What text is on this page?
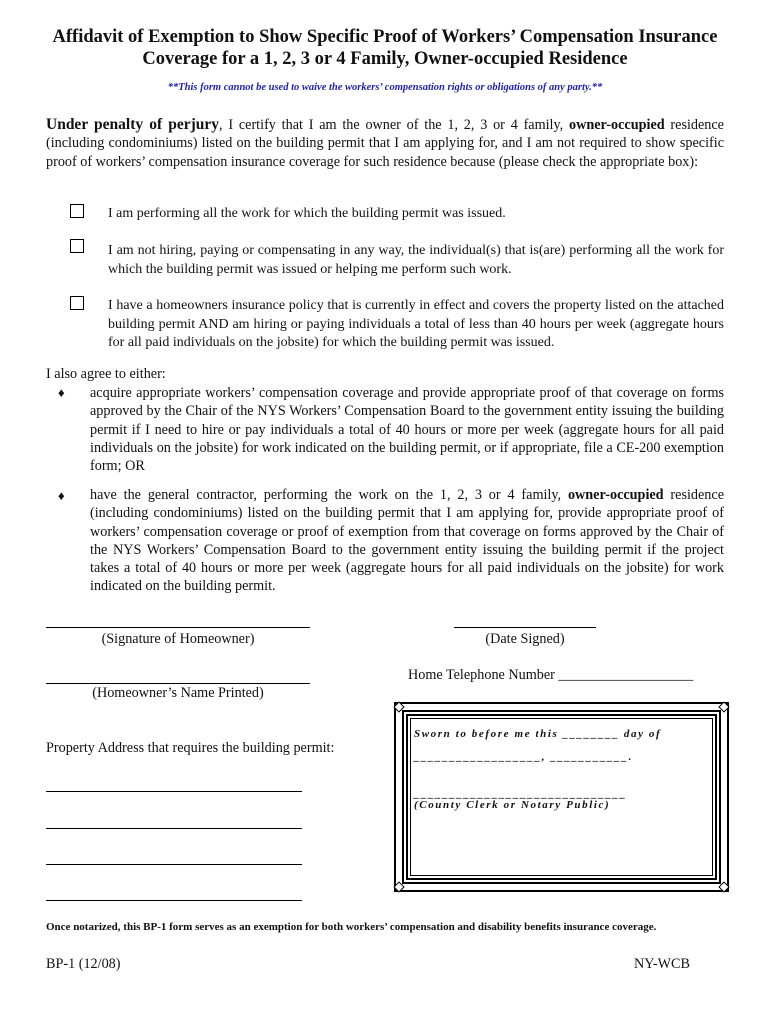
Affidavit of Exemption to Show Specific Proof of Workers’ Compensation Insurance
Coverage for a 1, 2, 3 or 4 Family, Owner-occupied Residence
**This form cannot be used to waive the workers’ compensation rights or obligations of any party.**
Under penalty of perjury, I certify that I am the owner of the 1, 2, 3 or 4 family, owner-occupied residence (including condominiums) listed on the building permit that I am applying for, and I am not required to show specific proof of workers’ compensation insurance coverage for such residence because (please check the appropriate box):
I am performing all the work for which the building permit was issued.
I am not hiring, paying or compensating in any way, the individual(s) that is(are) performing all the work for which the building permit was issued or helping me perform such work.
I have a homeowners insurance policy that is currently in effect and covers the property listed on the attached building permit AND am hiring or paying individuals a total of less than 40 hours per week (aggregate hours for all paid individuals on the jobsite) for which the building permit was issued.
I also agree to either:
♦ acquire appropriate workers’ compensation coverage and provide appropriate proof of that coverage on forms approved by the Chair of the NYS Workers’ Compensation Board to the government entity issuing the building permit if I need to hire or pay individuals a total of 40 hours or more per week (aggregate hours for all paid individuals on the jobsite) for work indicated on the building permit, or if appropriate, file a CE-200 exemption form; OR
♦ have the general contractor, performing the work on the 1, 2, 3 or 4 family, owner-occupied residence (including condominiums) listed on the building permit that I am applying for, provide appropriate proof of workers’ compensation coverage or proof of exemption from that coverage on forms approved by the Chair of the NYS Workers’ Compensation Board to the government entity issuing the building permit if the project takes a total of 40 hours or more per week (aggregate hours for all paid individuals on the jobsite) for work indicated on the building permit.
(Signature of Homeowner)	(Date Signed)
(Homeowner’s Name Printed)
Home Telephone Number ___________________
Property Address that requires the building permit:
Sworn to before me this ________ day of
__________________, ___________.
______________________________
(County Clerk or Notary Public)
Once notarized, this BP-1 form serves as an exemption for both workers’ compensation and disability benefits insurance coverage.
BP-1 (12/08)	NY-WCB
